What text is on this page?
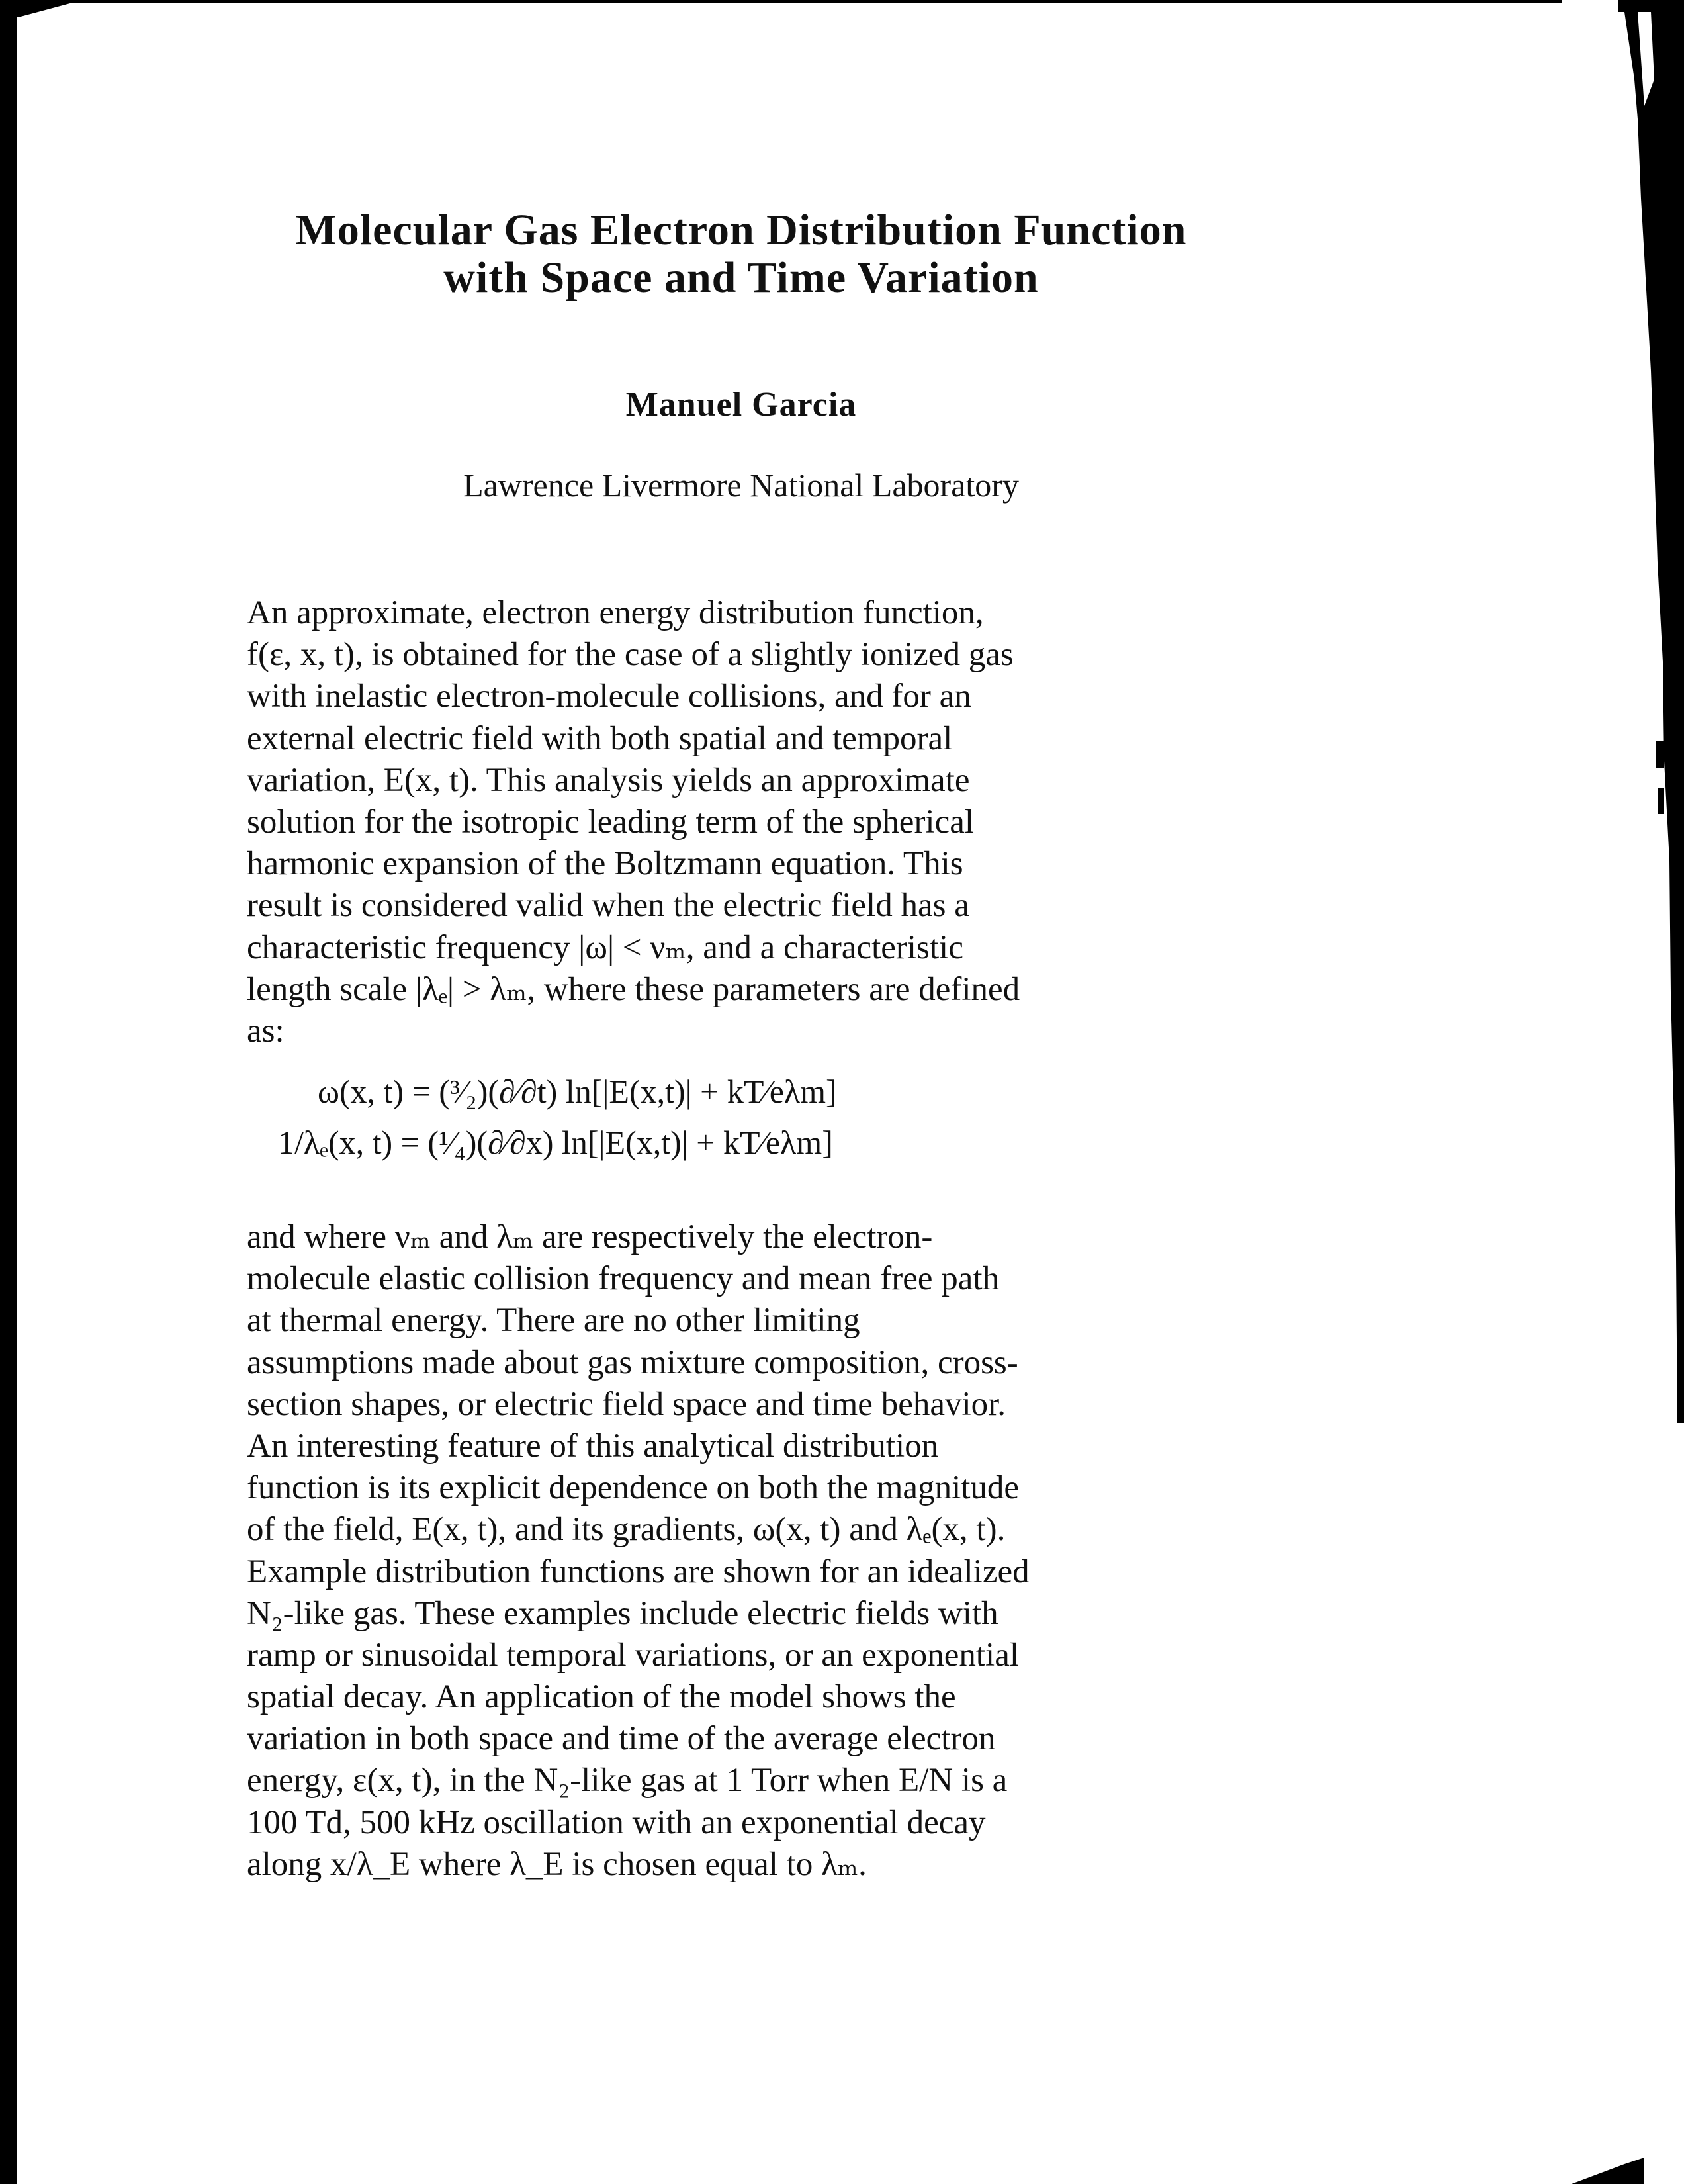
Molecular Gas Electron Distribution Function
with Space and Time Variation
Manuel Garcia
Lawrence Livermore National Laboratory
An approximate, electron energy distribution function,
f(ε, x, t), is obtained for the case of a slightly ionized gas
with inelastic electron-molecule collisions, and for an
external electric field with both spatial and temporal
variation, E(x, t). This analysis yields an approximate
solution for the isotropic leading term of the spherical
harmonic expansion of the Boltzmann equation. This
result is considered valid when the electric field has a
characteristic frequency |ω| < νₘ, and a characteristic
length scale |λₑ| > λₘ, where these parameters are defined
as:
ω(x, t) = (³⁄₂)(∂⁄∂t) ln[|E(x,t)| + kT⁄eλm]
1/λₑ(x, t) = (¹⁄₄)(∂⁄∂x) ln[|E(x,t)| + kT⁄eλm]
and where νₘ and λₘ are respectively the electron-
molecule elastic collision frequency and mean free path
at thermal energy. There are no other limiting
assumptions made about gas mixture composition, cross-
section shapes, or electric field space and time behavior.
An interesting feature of this analytical distribution
function is its explicit dependence on both the magnitude
of the field, E(x, t), and its gradients, ω(x, t) and λₑ(x, t).
Example distribution functions are shown for an idealized
N₂-like gas. These examples include electric fields with
ramp or sinusoidal temporal variations, or an exponential
spatial decay. An application of the model shows the
variation in both space and time of the average electron
energy, ε(x, t), in the N₂-like gas at 1 Torr when E/N is a
100 Td, 500 kHz oscillation with an exponential decay
along x/λ_E where λ_E is chosen equal to λₘ.
